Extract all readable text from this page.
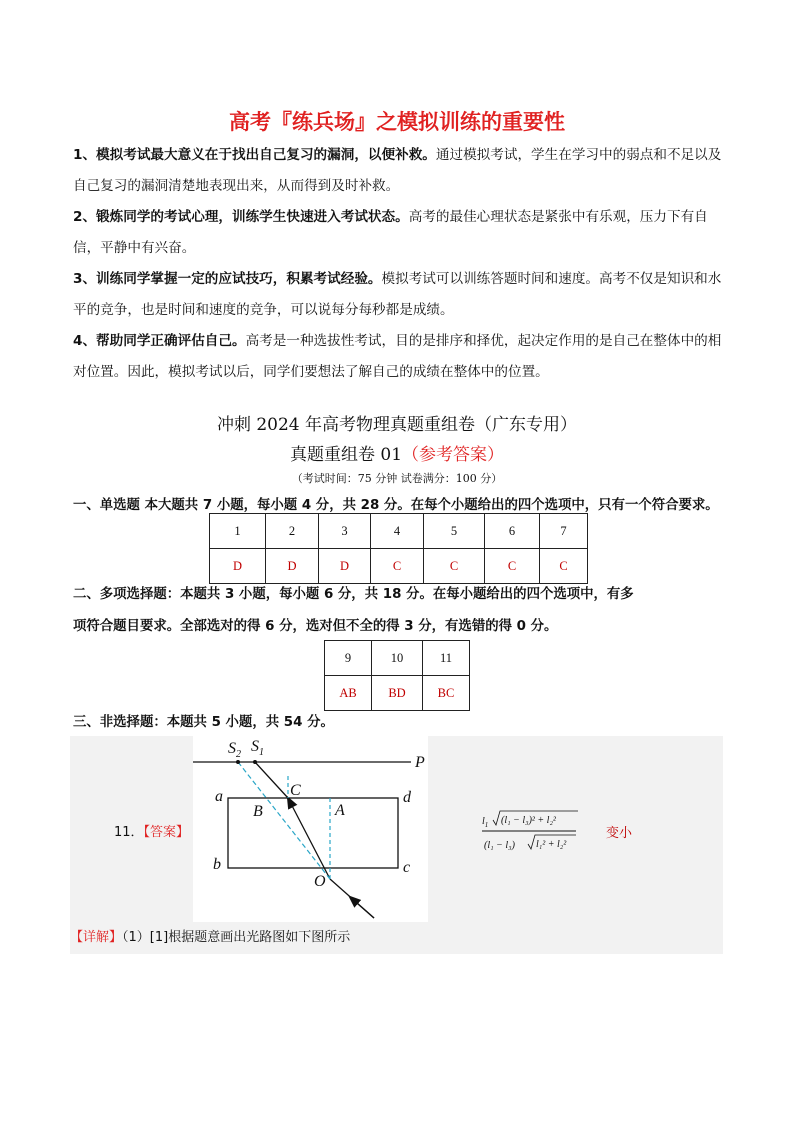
高考『练兵场』之模拟训练的重要性
1、模拟考试最大意义在于找出自己复习的漏洞，以便补救。通过模拟考试，学生在学习中的弱点和不足以及自己复习的漏洞清楚地表现出来，从而得到及时补救。
2、锻炼同学的考试心理，训练学生快速进入考试状态。高考的最佳心理状态是紧张中有乐观，压力下有自信，平静中有兴奋。
3、训练同学掌握一定的应试技巧，积累考试经验。模拟考试可以训练答题时间和速度。高考不仅是知识和水平的竞争，也是时间和速度的竞争，可以说每分每秒都是成绩。
4、帮助同学正确评估自己。高考是一种选拔性考试，目的是排序和择优，起决定作用的是自己在整体中的相对位置。因此，模拟考试以后，同学们要想法了解自己的成绩在整体中的位置。
冲刺 2024 年高考物理真题重组卷（广东专用）
真题重组卷 01（参考答案）
（考试时间：75 分钟 试卷满分：100 分）
一、单选题 本大题共 7 小题，每小题 4 分，共 28 分。在每个小题给出的四个选项中，只有一个符合要求。
1	2	3	4	5	6	7
D	D	D	C	C	C	C
二、多项选择题：本题共 3 小题，每小题 6 分，共 18 分。在每小题给出的四个选项中，有多
项符合题目要求。全部选对的得 6 分，选对但不全的得 3 分，有选错的得 0 分。
9	10	11
AB	BD	BC
三、非选择题：本题共 5 小题，共 54 分。
11．【答案】
$S_2$ $S_1$
P
a
b	c
d
A
B
C
O
$l_1$ (l₁ − l₃)² + l₂²
(l₁ − l₃) l₁² + l₂²
变小
【详解】（1）[1]根据题意画出光路图如下图所示
